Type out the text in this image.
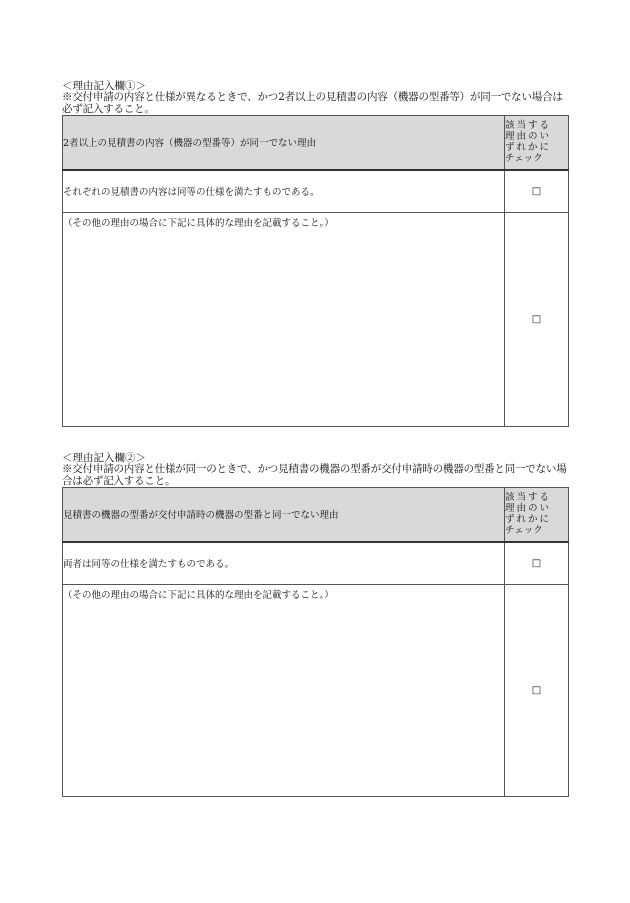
＜理由記入欄①＞

※交付申請の内容と仕様が異なるときで、かつ2者以上の見積書の内容（機器の型番等）が同一でない場合は必ず記入すること。

2者以上の見積書の内容（機器の型番等）が同一でない理由	該当する
理由のい
ずれかに
チェック

それぞれの見積書の内容は同等の仕様を満たすものである。	□
（その他の理由の場合に下記に具体的な理由を記載すること。）	□

＜理由記入欄②＞

※交付申請の内容と仕様が同一のときで、かつ見積書の機器の型番が交付申請時の機器の型番と同一でない場合は必ず記入すること。

見積書の機器の型番が交付申請時の機器の型番と同一でない理由	該当する
理由のい
ずれかに
チェック

両者は同等の仕様を満たすものである。	□
（その他の理由の場合に下記に具体的な理由を記載すること。）	□
